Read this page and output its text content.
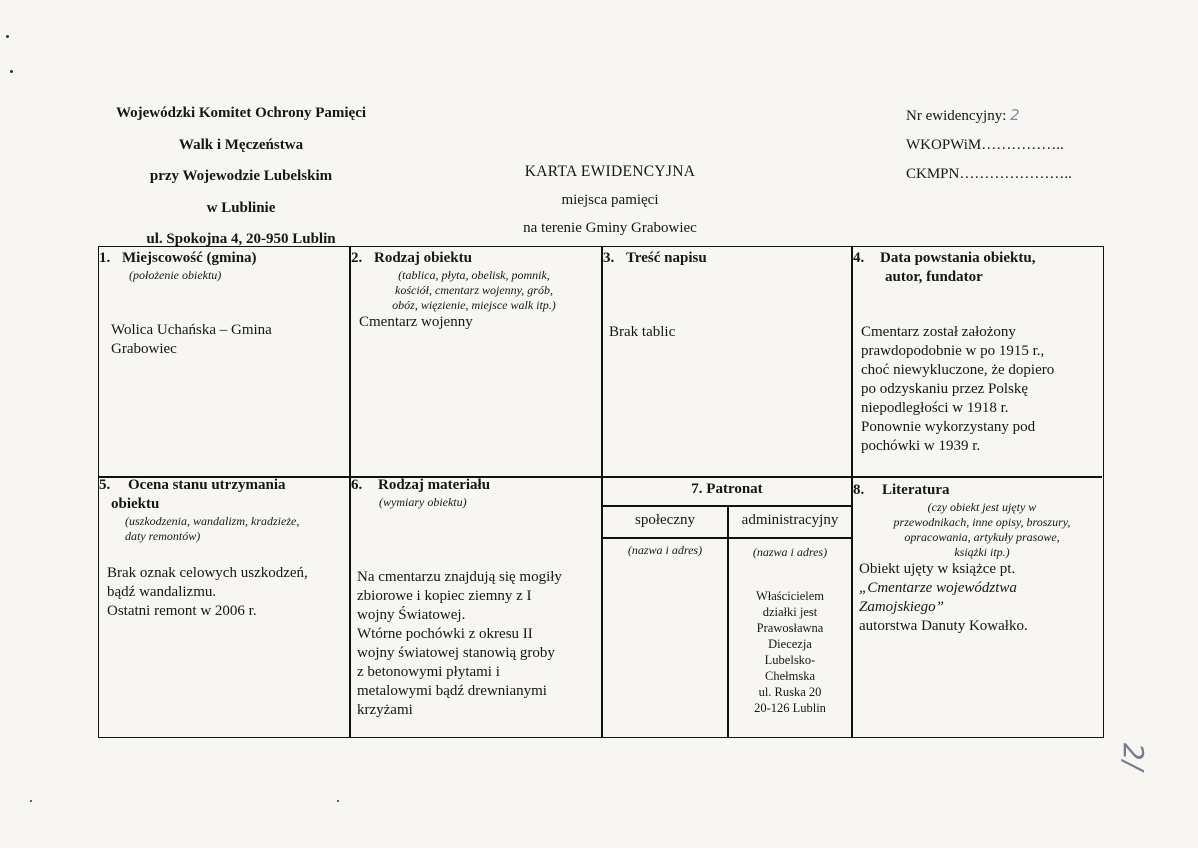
Wojewódzki Komitet Ochrony Pamięci
Walk i Męczeństwa
przy Wojewodzie Lubelskim
w Lublinie
ul. Spokojna 4, 20-950 Lublin
KARTA EWIDENCYJNA
miejsca pamięci
na terenie Gminy Grabowiec
Nr ewidencyjny: 2
WKOPWiM……………..
CKMPN…………………..
1. Miejscowość (gmina)
(położenie obiektu)
Wolica Uchańska – Gmina
Grabowiec
2. Rodzaj obiektu
(tablica, płyta, obelisk, pomnik,
kościół, cmentarz wojenny, grób,
obóz, więzienie, miejsce walk itp.)
Cmentarz wojenny
3. Treść napisu
Brak tablic
4. Data powstania obiektu,
autor, fundator
Cmentarz został założony
prawdopodobnie w po 1915 r.,
choć niewykluczone, że dopiero
po odzyskaniu przez Polskę
niepodległości w 1918 r.
Ponownie wykorzystany pod
pochówki w 1939 r.
5. Ocena stanu utrzymania
obiektu
(uszkodzenia, wandalizm, kradzieże,
daty remontów)
Brak oznak celowych uszkodzeń,
bądź wandalizmu.
Ostatni remont w 2006 r.
6. Rodzaj materiału
(wymiary obiektu)
Na cmentarzu znajdują się mogiły
zbiorowe i kopiec ziemny z I
wojny Światowej.
Wtórne pochówki z okresu II
wojny światowej stanowią groby
z betonowymi płytami i
metalowymi bądź drewnianymi
krzyżami
7. Patronat
społeczny	administracyjny
(nazwa i adres)	(nazwa i adres)
Właścicielem
działki jest
Prawosławna
Diecezja
Lubelsko-
Chełmska
ul. Ruska 20
20-126 Lublin
8. Literatura
(czy obiekt jest ujęty w
przewodnikach, inne opisy, broszury,
opracowania, artykuły prasowe,
książki itp.)
Obiekt ujęty w książce pt.
„Cmentarze województwa
Zamojskiego”
autorstwa Danuty Kowałko.
2/
